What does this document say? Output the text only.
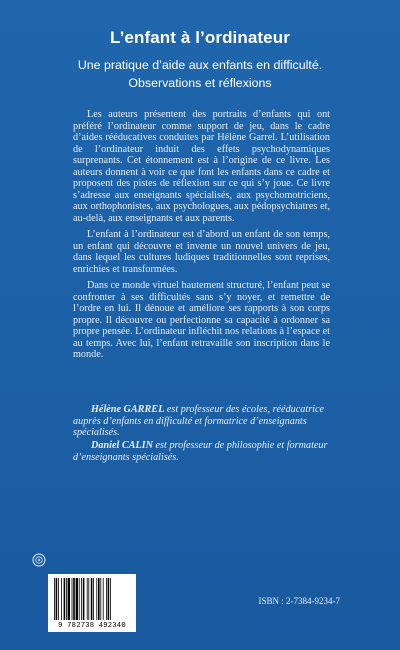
L’enfant à l’ordinateur
Une pratique d’aide aux enfants en difficulté.
Observations et réflexions

Les auteurs présentent des portraits d’enfants qui ont préféré l’ordinateur comme support de jeu, dans le cadre d’aides rééducatives conduites par Hélène Garrel. L’utilisation de l’ordinateur induit des effets psychodynamiques surprenants. Cet étonnement est à l’origine de ce livre. Les auteurs donnent à voir ce que font les enfants dans ce cadre et proposent des pistes de réflexion sur ce qui s’y joue. Ce livre s’adresse aux enseignants spécialisés, aux psychomotriciens, aux orthophonistes, aux psychologues, aux pédopsychiatres et, au-delà, aux enseignants et aux parents.

L’enfant à l’ordinateur est d’abord un enfant de son temps, un enfant qui découvre et invente un nouvel univers de jeu, dans lequel les cultures ludiques traditionnelles sont reprises, enrichies et transformées.

Dans ce monde virtuel hautement structuré, l’enfant peut se confronter à ses difficultés sans s’y noyer, et remettre de l’ordre en lui. Il dénoue et améliore ses rapports à son corps propre. Il découvre ou perfectionne sa capacité à ordonner sa propre pensée. L’ordinateur infléchit nos relations à l’espace et au temps. Avec lui, l’enfant retravaille son inscription dans le monde.

Hélène GARREL est professeur des écoles, rééducatrice auprès d’enfants en difficulté et formatrice d’enseignants spécialisés.
Daniel CALIN est professeur de philosophie et formateur d’enseignants spécialisés.
9 782738 492340
ISBN : 2-7384-9234-7
